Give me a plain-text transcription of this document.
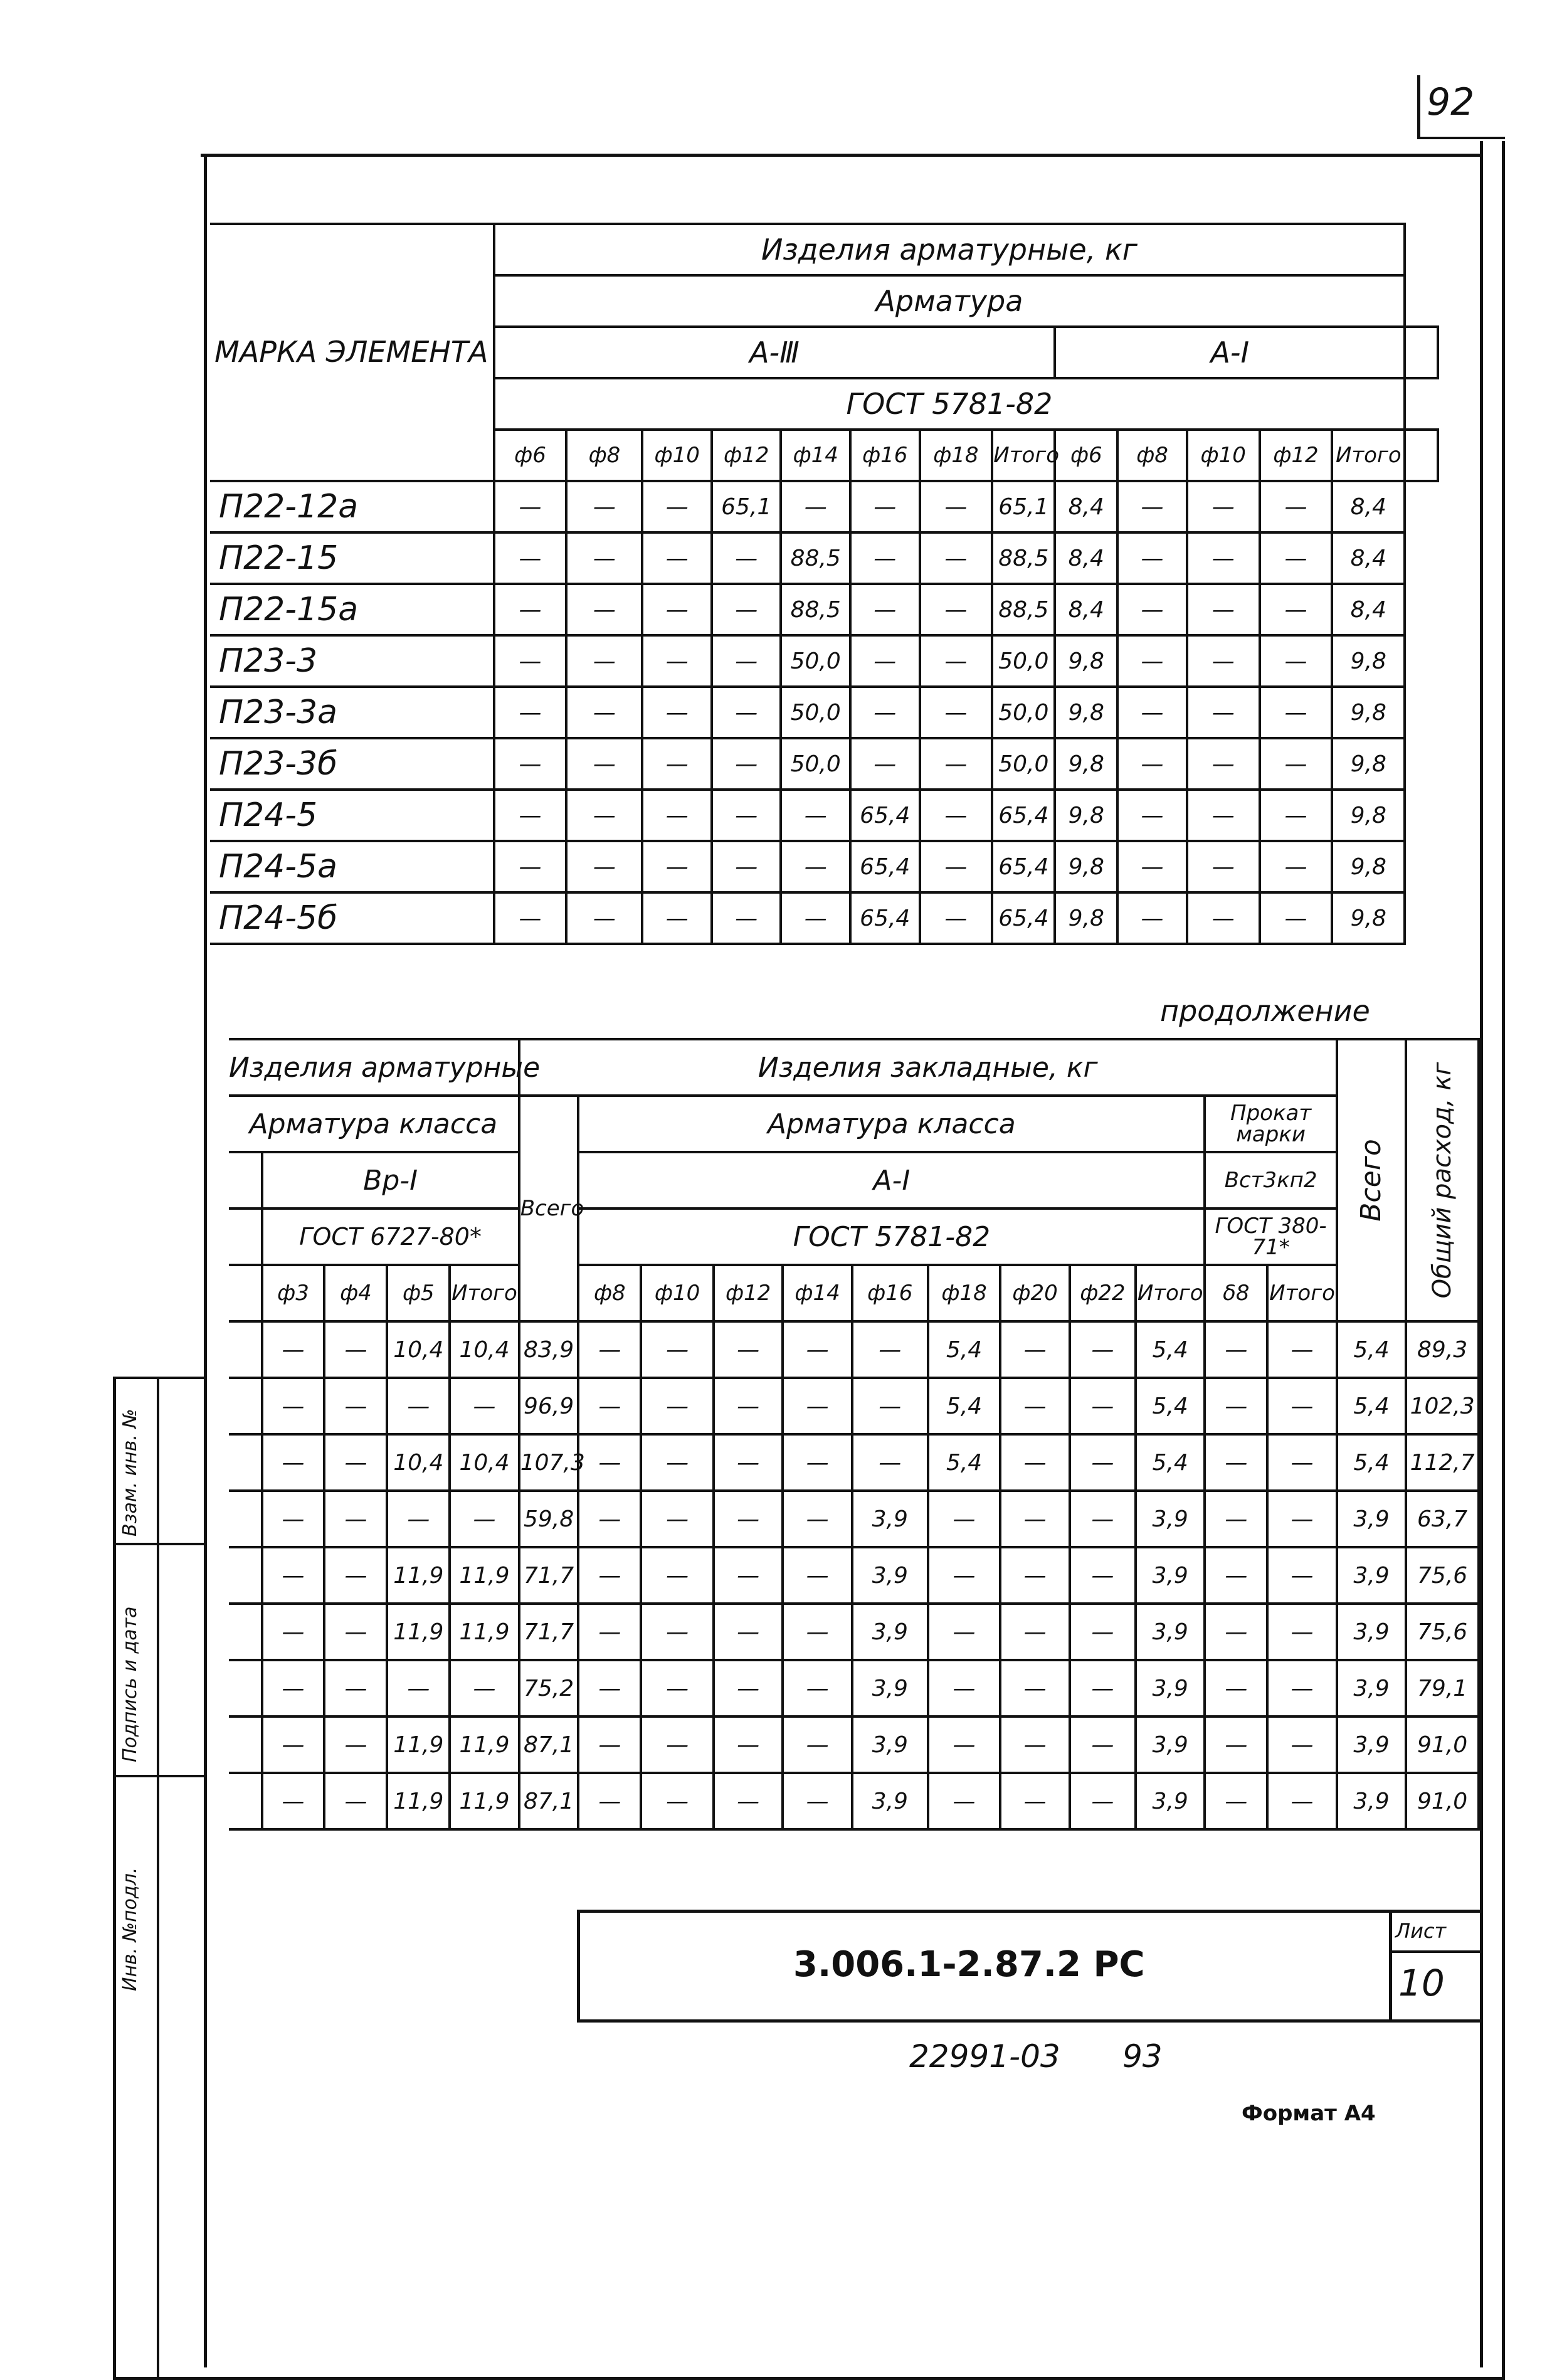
92
МАРКА ЭЛЕМЕНТА	Изделия арматурные, кг													
	Арматура													
	А-Ⅲ								А-Ⅰ					
	ГОСТ 5781-82													
	ф6	ф8	ф10	ф12	ф14	ф16	ф18	Итого	ф6	ф8	ф10	ф12	Итого	
П22-12а	—	—	—	65,1	—	—	—	65,1	8,4	—	—	—	8,4	
П22-15	—	—	—	—	88,5	—	—	88,5	8,4	—	—	—	8,4	
П22-15а	—	—	—	—	88,5	—	—	88,5	8,4	—	—	—	8,4	
П23-3	—	—	—	—	50,0	—	—	50,0	9,8	—	—	—	9,8	
П23-3а	—	—	—	—	50,0	—	—	50,0	9,8	—	—	—	9,8	
П23-3б	—	—	—	—	50,0	—	—	50,0	9,8	—	—	—	9,8	
П24-5	—	—	—	—	—	65,4	—	65,4	9,8	—	—	—	9,8	
П24-5а	—	—	—	—	—	65,4	—	65,4	9,8	—	—	—	9,8	
П24-5б	—	—	—	—	—	65,4	—	65,4	9,8	—	—	—	9,8	
продолжение
Изделия арматурные					Изделия закладные, кг												Всего	Общий расход, кг

Арматура класса					Всего	Арматура класса									Прокат марки			
	Вр-Ⅰ					А-Ⅰ									Вст3кп2			
	ГОСТ 6727-80*					ГОСТ 5781-82									ГОСТ 380-71*			
	ф3	ф4	ф5	Итого		ф8	ф10	ф12	ф14	ф16	ф18	ф20	ф22	Итого	δ8	Итого		
	—	—	10,4	10,4	83,9	—	—	—	—	—	5,4	—	—	5,4	—	—	5,4	89,3
	—	—	—	—	96,9	—	—	—	—	—	5,4	—	—	5,4	—	—	5,4	102,3
	—	—	10,4	10,4	107,3	—	—	—	—	—	5,4	—	—	5,4	—	—	5,4	112,7
	—	—	—	—	59,8	—	—	—	—	3,9	—	—	—	3,9	—	—	3,9	63,7
	—	—	11,9	11,9	71,7	—	—	—	—	3,9	—	—	—	3,9	—	—	3,9	75,6
	—	—	11,9	11,9	71,7	—	—	—	—	3,9	—	—	—	3,9	—	—	3,9	75,6
	—	—	—	—	75,2	—	—	—	—	3,9	—	—	—	3,9	—	—	3,9	79,1
	—	—	11,9	11,9	87,1	—	—	—	—	3,9	—	—	—	3,9	—	—	3,9	91,0
	—	—	11,9	11,9	87,1	—	—	—	—	3,9	—	—	—	3,9	—	—	3,9	91,0
Взам. инв. №
Подпись и дата
Инв. №подл.	3.006.1-2.87.2 РС
Лист
10
22991-03 93
Формат А4
